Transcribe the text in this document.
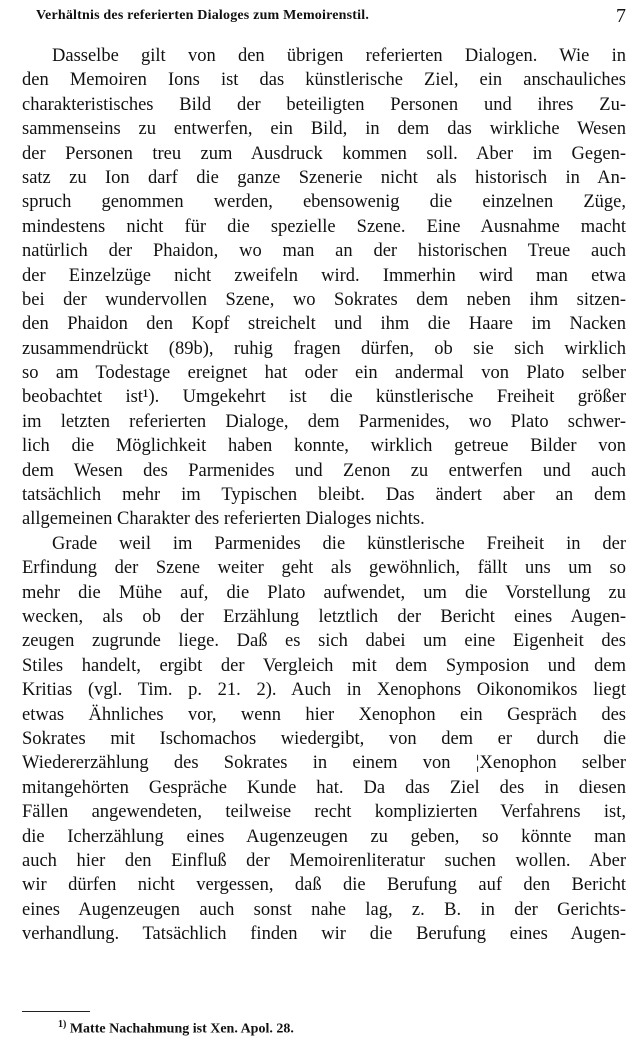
Verhältnis des referierten Dialoges zum Memoirenstil.	7
Dasselbe gilt von den übrigen referierten Dialogen. Wie in
den Memoiren Ions ist das künstlerische Ziel, ein anschauliches
charakteristisches Bild der beteiligten Personen und ihres Zu-
sammenseins zu entwerfen, ein Bild, in dem das wirkliche Wesen
der Personen treu zum Ausdruck kommen soll. Aber im Gegen-
satz zu Ion darf die ganze Szenerie nicht als historisch in An-
spruch genommen werden, ebensowenig die einzelnen Züge,
mindestens nicht für die spezielle Szene. Eine Ausnahme macht
natürlich der Phaidon, wo man an der historischen Treue auch
der Einzelzüge nicht zweifeln wird. Immerhin wird man etwa
bei der wundervollen Szene, wo Sokrates dem neben ihm sitzen-
den Phaidon den Kopf streichelt und ihm die Haare im Nacken
zusammendrückt (89b), ruhig fragen dürfen, ob sie sich wirklich
so am Todestage ereignet hat oder ein andermal von Plato selber
beobachtet ist¹). Umgekehrt ist die künstlerische Freiheit größer
im letzten referierten Dialoge, dem Parmenides, wo Plato schwer-
lich die Möglichkeit haben konnte, wirklich getreue Bilder von
dem Wesen des Parmenides und Zenon zu entwerfen und auch
tatsächlich mehr im Typischen bleibt. Das ändert aber an dem
allgemeinen Charakter des referierten Dialoges nichts.
Grade weil im Parmenides die künstlerische Freiheit in der
Erfindung der Szene weiter geht als gewöhnlich, fällt uns um so
mehr die Mühe auf, die Plato aufwendet, um die Vorstellung zu
wecken, als ob der Erzählung letztlich der Bericht eines Augen-
zeugen zugrunde liege. Daß es sich dabei um eine Eigenheit des
Stiles handelt, ergibt der Vergleich mit dem Symposion und dem
Kritias (vgl. Tim. p. 21. 2). Auch in Xenophons Oikonomikos liegt
etwas Ähnliches vor, wenn hier Xenophon ein Gespräch des
Sokrates mit Ischomachos wiedergibt, von dem er durch die
Wiedererzählung des Sokrates in einem von ¦Xenophon selber
mitangehörten Gespräche Kunde hat. Da das Ziel des in diesen
Fällen angewendeten, teilweise recht komplizierten Verfahrens ist,
die Icherzählung eines Augenzeugen zu geben, so könnte man
auch hier den Einfluß der Memoirenliteratur suchen wollen. Aber
wir dürfen nicht vergessen, daß die Berufung auf den Bericht
eines Augenzeugen auch sonst nahe lag, z. B. in der Gerichts-
verhandlung. Tatsächlich finden wir die Berufung eines Augen-
$^{1)}$ Matte Nachahmung ist Xen. Apol. 28.
